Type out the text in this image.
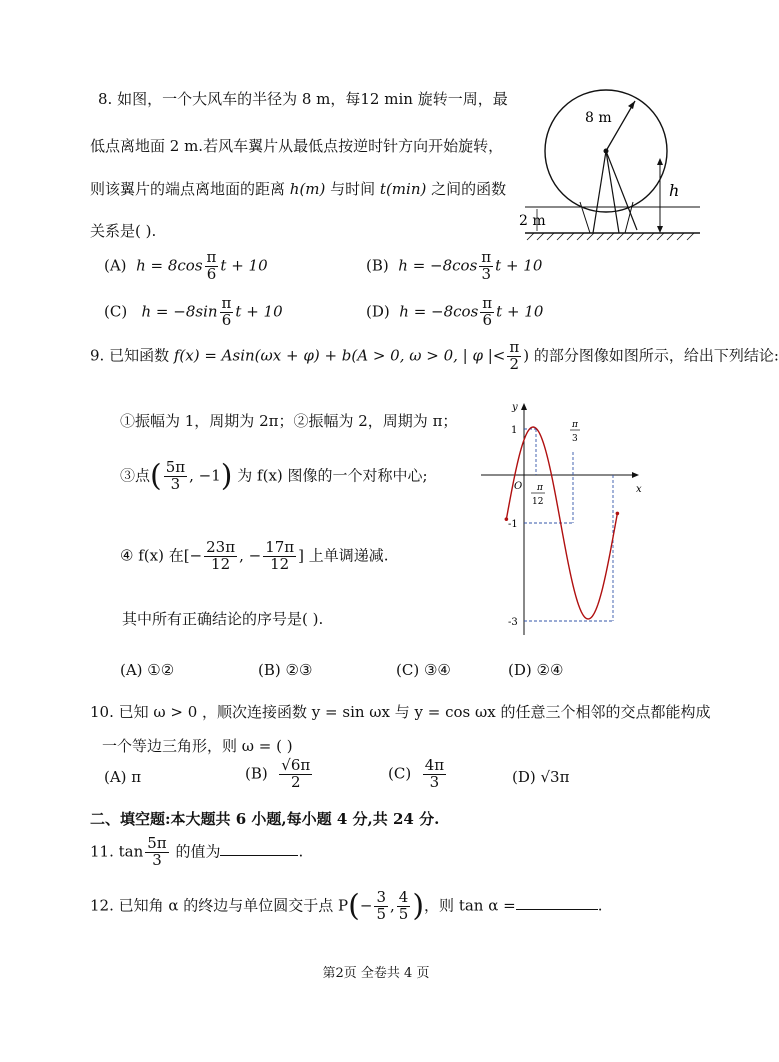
8. 如图，一个大风车的半径为 8 m，每12 min 旋转一周，最
低点离地面 2 m.若风车翼片从最低点按逆时针方向开始旋转，
则该翼片的端点离地面的距离 h(m) 与时间 t(min) 之间的函数
关系是( ).
(A) $h = 8\cos \frac{\pi}{6}$ t + 10	(B) $h = -8\cos \frac{\pi}{3}$ t + 10
(C) $h = -8\sin \frac{\pi}{6}$ t + 10	(D) $h = -8\cos \frac{\pi}{6}$ t + 10
8 m
h
2 m
9. 已知函数 f(x) = Asin(ωx + φ) + b(A > 0, ω > 0, | φ |< $\frac{\pi}{2}$ ) 的部分图像如图所示，给出下列结论:
①振幅为 1，周期为 2π；②振幅为 2，周期为 π；
③点( $\frac{5\pi}{3}$ , −1) 为 f(x) 图像的一个对称中心;
④ f(x) 在[− $\frac{23\pi}{12}$ , − $\frac{17\pi}{12}$ ] 上单调递减.
其中所有正确结论的序号是( ).
(A) ①②	(B) ②③	(C) ③④	(D) ②④
y
x
O
1
-1
-3
π
12
π
3
10. 已知 ω > 0 ，顺次连接函数 y = sin ωx 与 y = cos ωx 的任意三个相邻的交点都能构成
一个等边三角形，则 ω = ( )
(A) π	$(B) \frac{√6\pi}{2}$	$(C) \frac{4\pi}{3}$	(D) √3π
二、填空题:本大题共 6 小题,每小题 4 分,共 24 分.
11. $\tan \frac{5\pi}{3}$ 的值为	.
12. 已知角 α 的终边与单位圆交于点 $P(- \frac{3}{5}$ , $\frac{4}{5}$ )，则 tan α =	.
第2页 全卷共 4 页
